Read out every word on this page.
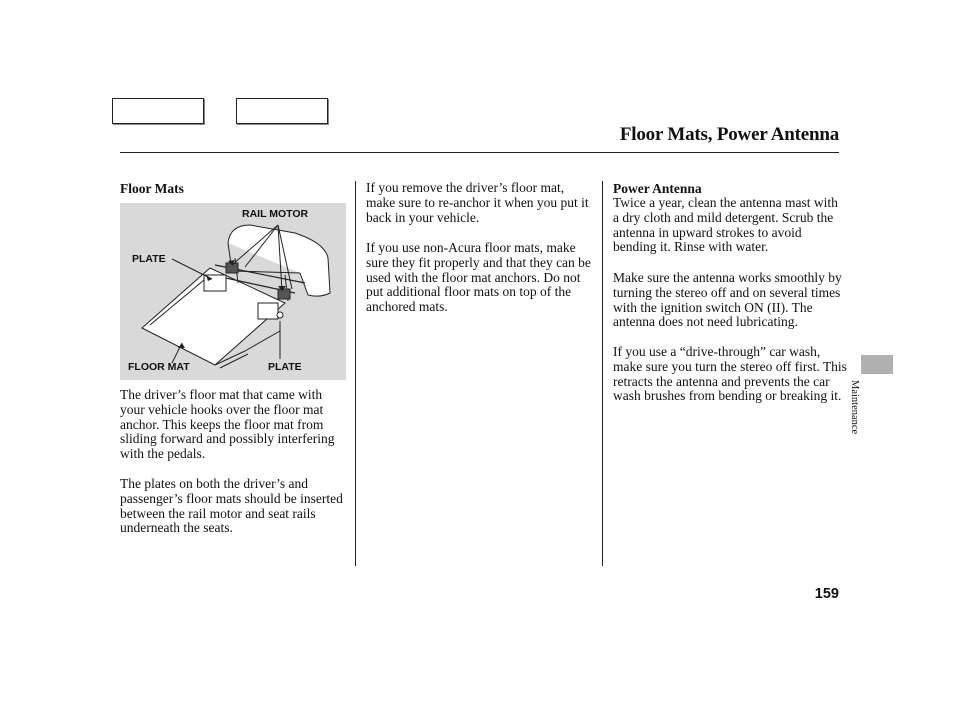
Floor Mats, Power Antenna
Floor Mats
RAIL MOTOR
PLATE
FLOOR MAT	PLATE

The driver’s floor mat that came with your vehicle hooks over the floor mat anchor. This keeps the floor mat from sliding forward and possibly interfering with the pedals.

The plates on both the driver’s and passenger’s floor mats should be inserted between the rail motor and seat rails underneath the seats.

If you remove the driver’s floor mat, make sure to re-anchor it when you put it back in your vehicle.

If you use non-Acura floor mats, make sure they fit properly and that they can be used with the floor mat anchors. Do not put additional floor mats on top of the anchored mats.

Power Antenna

Twice a year, clean the antenna mast with a dry cloth and mild detergent. Scrub the antenna in upward strokes to avoid bending it. Rinse with water.

Make sure the antenna works smoothly by turning the stereo off and on several times with the ignition switch ON (II). The antenna does not need lubricating.

If you use a “drive-through” car wash, make sure you turn the stereo off first. This retracts the antenna and prevents the car wash brushes from bending or breaking it. Maintenance
159
